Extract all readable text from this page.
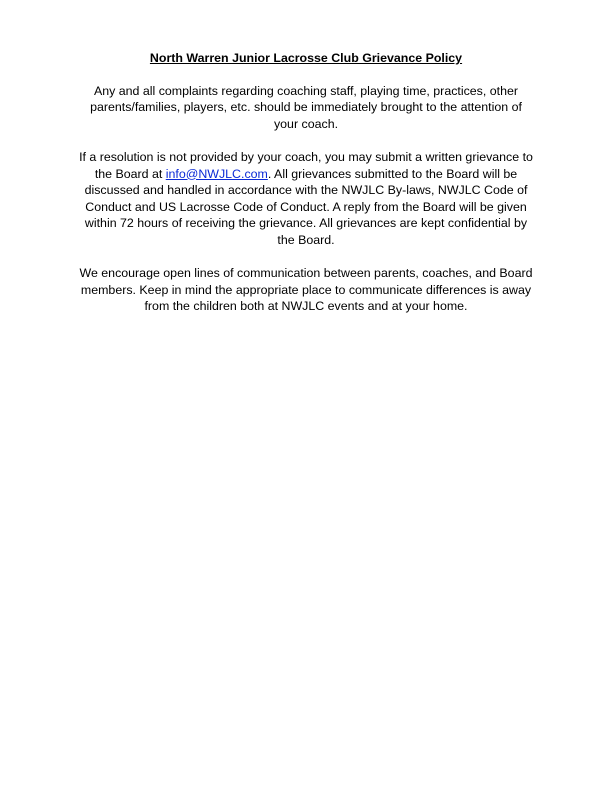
North Warren Junior Lacrosse Club Grievance Policy

Any and all complaints regarding coaching staff, playing time, practices, other parents/families, players, etc. should be immediately brought to the attention of your coach.

If a resolution is not provided by your coach, you may submit a written grievance to the Board at info@NWJLC.com. All grievances submitted to the Board will be discussed and handled in accordance with the NWJLC By-laws, NWJLC Code of Conduct and US Lacrosse Code of Conduct. A reply from the Board will be given within 72 hours of receiving the grievance. All grievances are kept confidential by the Board.

We encourage open lines of communication between parents, coaches, and Board members. Keep in mind the appropriate place to communicate differences is away from the children both at NWJLC events and at your home.
